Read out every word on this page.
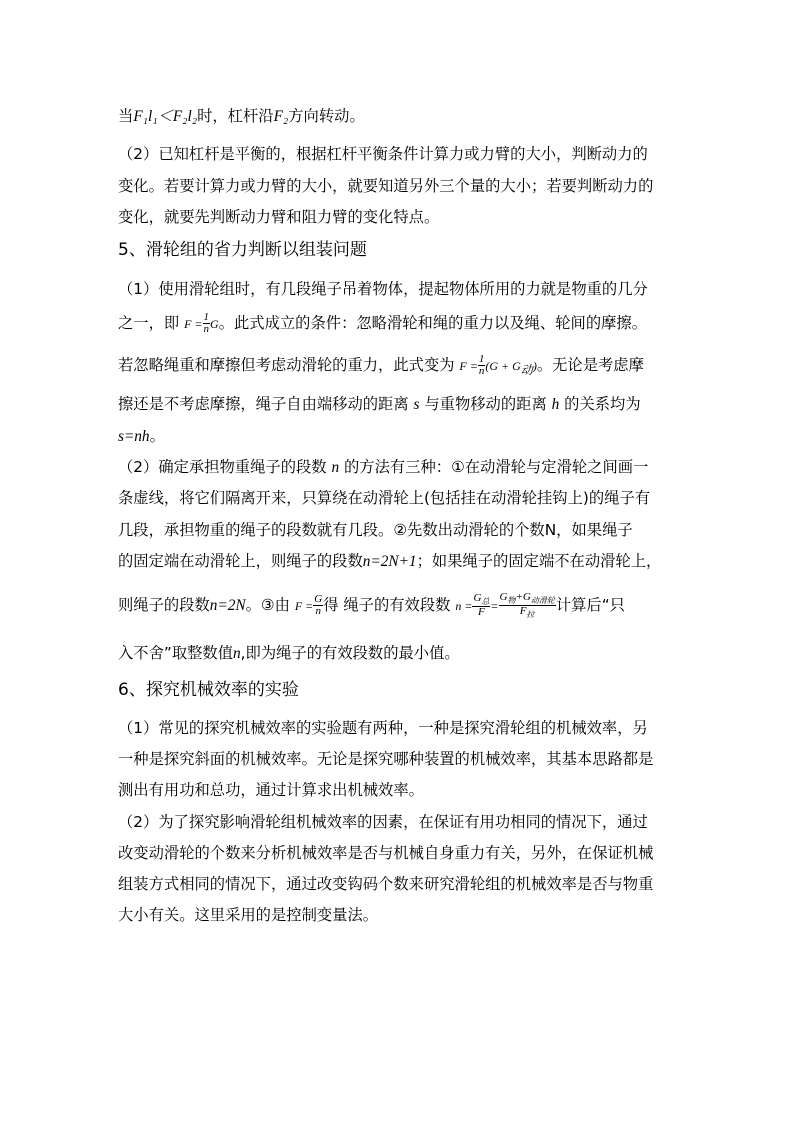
当F₁l₁＜F₂l₂时，杠杆沿F₂方向转动。
（2）已知杠杆是平衡的，根据杠杆平衡条件计算力或力臂的大小，判断动力的
变化。若要计算力或力臂的大小，就要知道另外三个量的大小；若要判断动力的
变化，就要先判断动力臂和阻力臂的变化特点。
5、滑轮组的省力判断以组装问题
（1）使用滑轮组时，有几段绳子吊着物体，提起物体所用的力就是物重的几分
之一，即 $F = \frac{1}{n}$ G。此式成立的条件：忽略滑轮和绳的重力以及绳、轮间的摩擦。
若忽略绳重和摩擦但考虑动滑轮的重力，此式变为 $F = \frac{1}{n} (G + G_动)$。无论是考虑摩
擦还是不考虑摩擦，绳子自由端移动的距离 s 与重物移动的距离 h 的关系均为
s=nh。
（2）确定承担物重绳子的段数 n 的方法有三种：①在动滑轮与定滑轮之间画一
条虚线，将它们隔离开来，只算绕在动滑轮上(包括挂在动滑轮挂钩上)的绳子有
几段，承担物重的绳子的段数就有几段。②先数出动滑轮的个数N，如果绳子
的固定端在动滑轮上，则绳子的段数n=2N+1；如果绳子的固定端不在动滑轮上，
则绳子的段数n=2N。③由 $F = \frac{G}{n}$ 得 绳子的有效段数 $n = \frac{G_总}{F} = \frac{G_物+G_{动滑轮}}{F_拉}$ 计算后“只
入不舍”取整数值n,即为绳子的有效段数的最小值。
6、探究机械效率的实验
（1）常见的探究机械效率的实验题有两种，一种是探究滑轮组的机械效率，另
一种是探究斜面的机械效率。无论是探究哪种装置的机械效率，其基本思路都是
测出有用功和总功，通过计算求出机械效率。
（2）为了探究影响滑轮组机械效率的因素，在保证有用功相同的情况下，通过
改变动滑轮的个数来分析机械效率是否与机械自身重力有关，另外，在保证机械
组装方式相同的情况下，通过改变钩码个数来研究滑轮组的机械效率是否与物重
大小有关。这里采用的是控制变量法。
